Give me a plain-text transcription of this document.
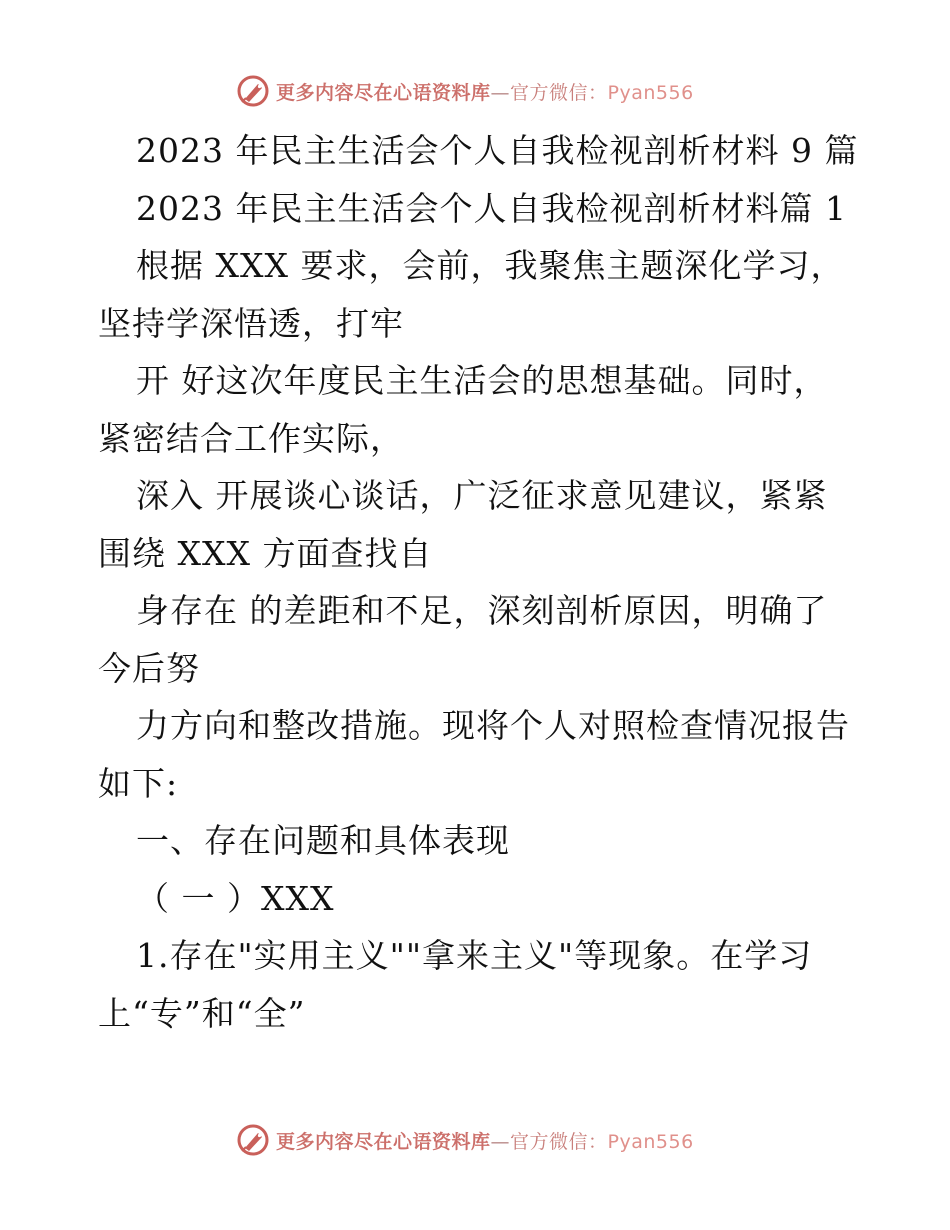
更多内容尽在心语资料库—官方微信：Pyan556
2023 年民主生活会个人自我检视剖析材料 9 篇
2023 年民主生活会个人自我检视剖析材料篇 1
根据 XXX 要求，会前，我聚焦主题深化学习，
坚持学深悟透，打牢
开 好这次年度民主生活会的思想基础。同时，
紧密结合工作实际，
深入 开展谈心谈话，广泛征求意见建议，紧紧
围绕 XXX 方面查找自
身存在 的差距和不足，深刻剖析原因，明确了
今后努
力方向和整改措施。现将个人对照检查情况报告
如下:
一、存在问题和具体表现
（ 一 ）XXX
1.存在"实用主义""拿来主义"等现象。在学习
上“专”和“全”
更多内容尽在心语资料库—官方微信：Pyan556
